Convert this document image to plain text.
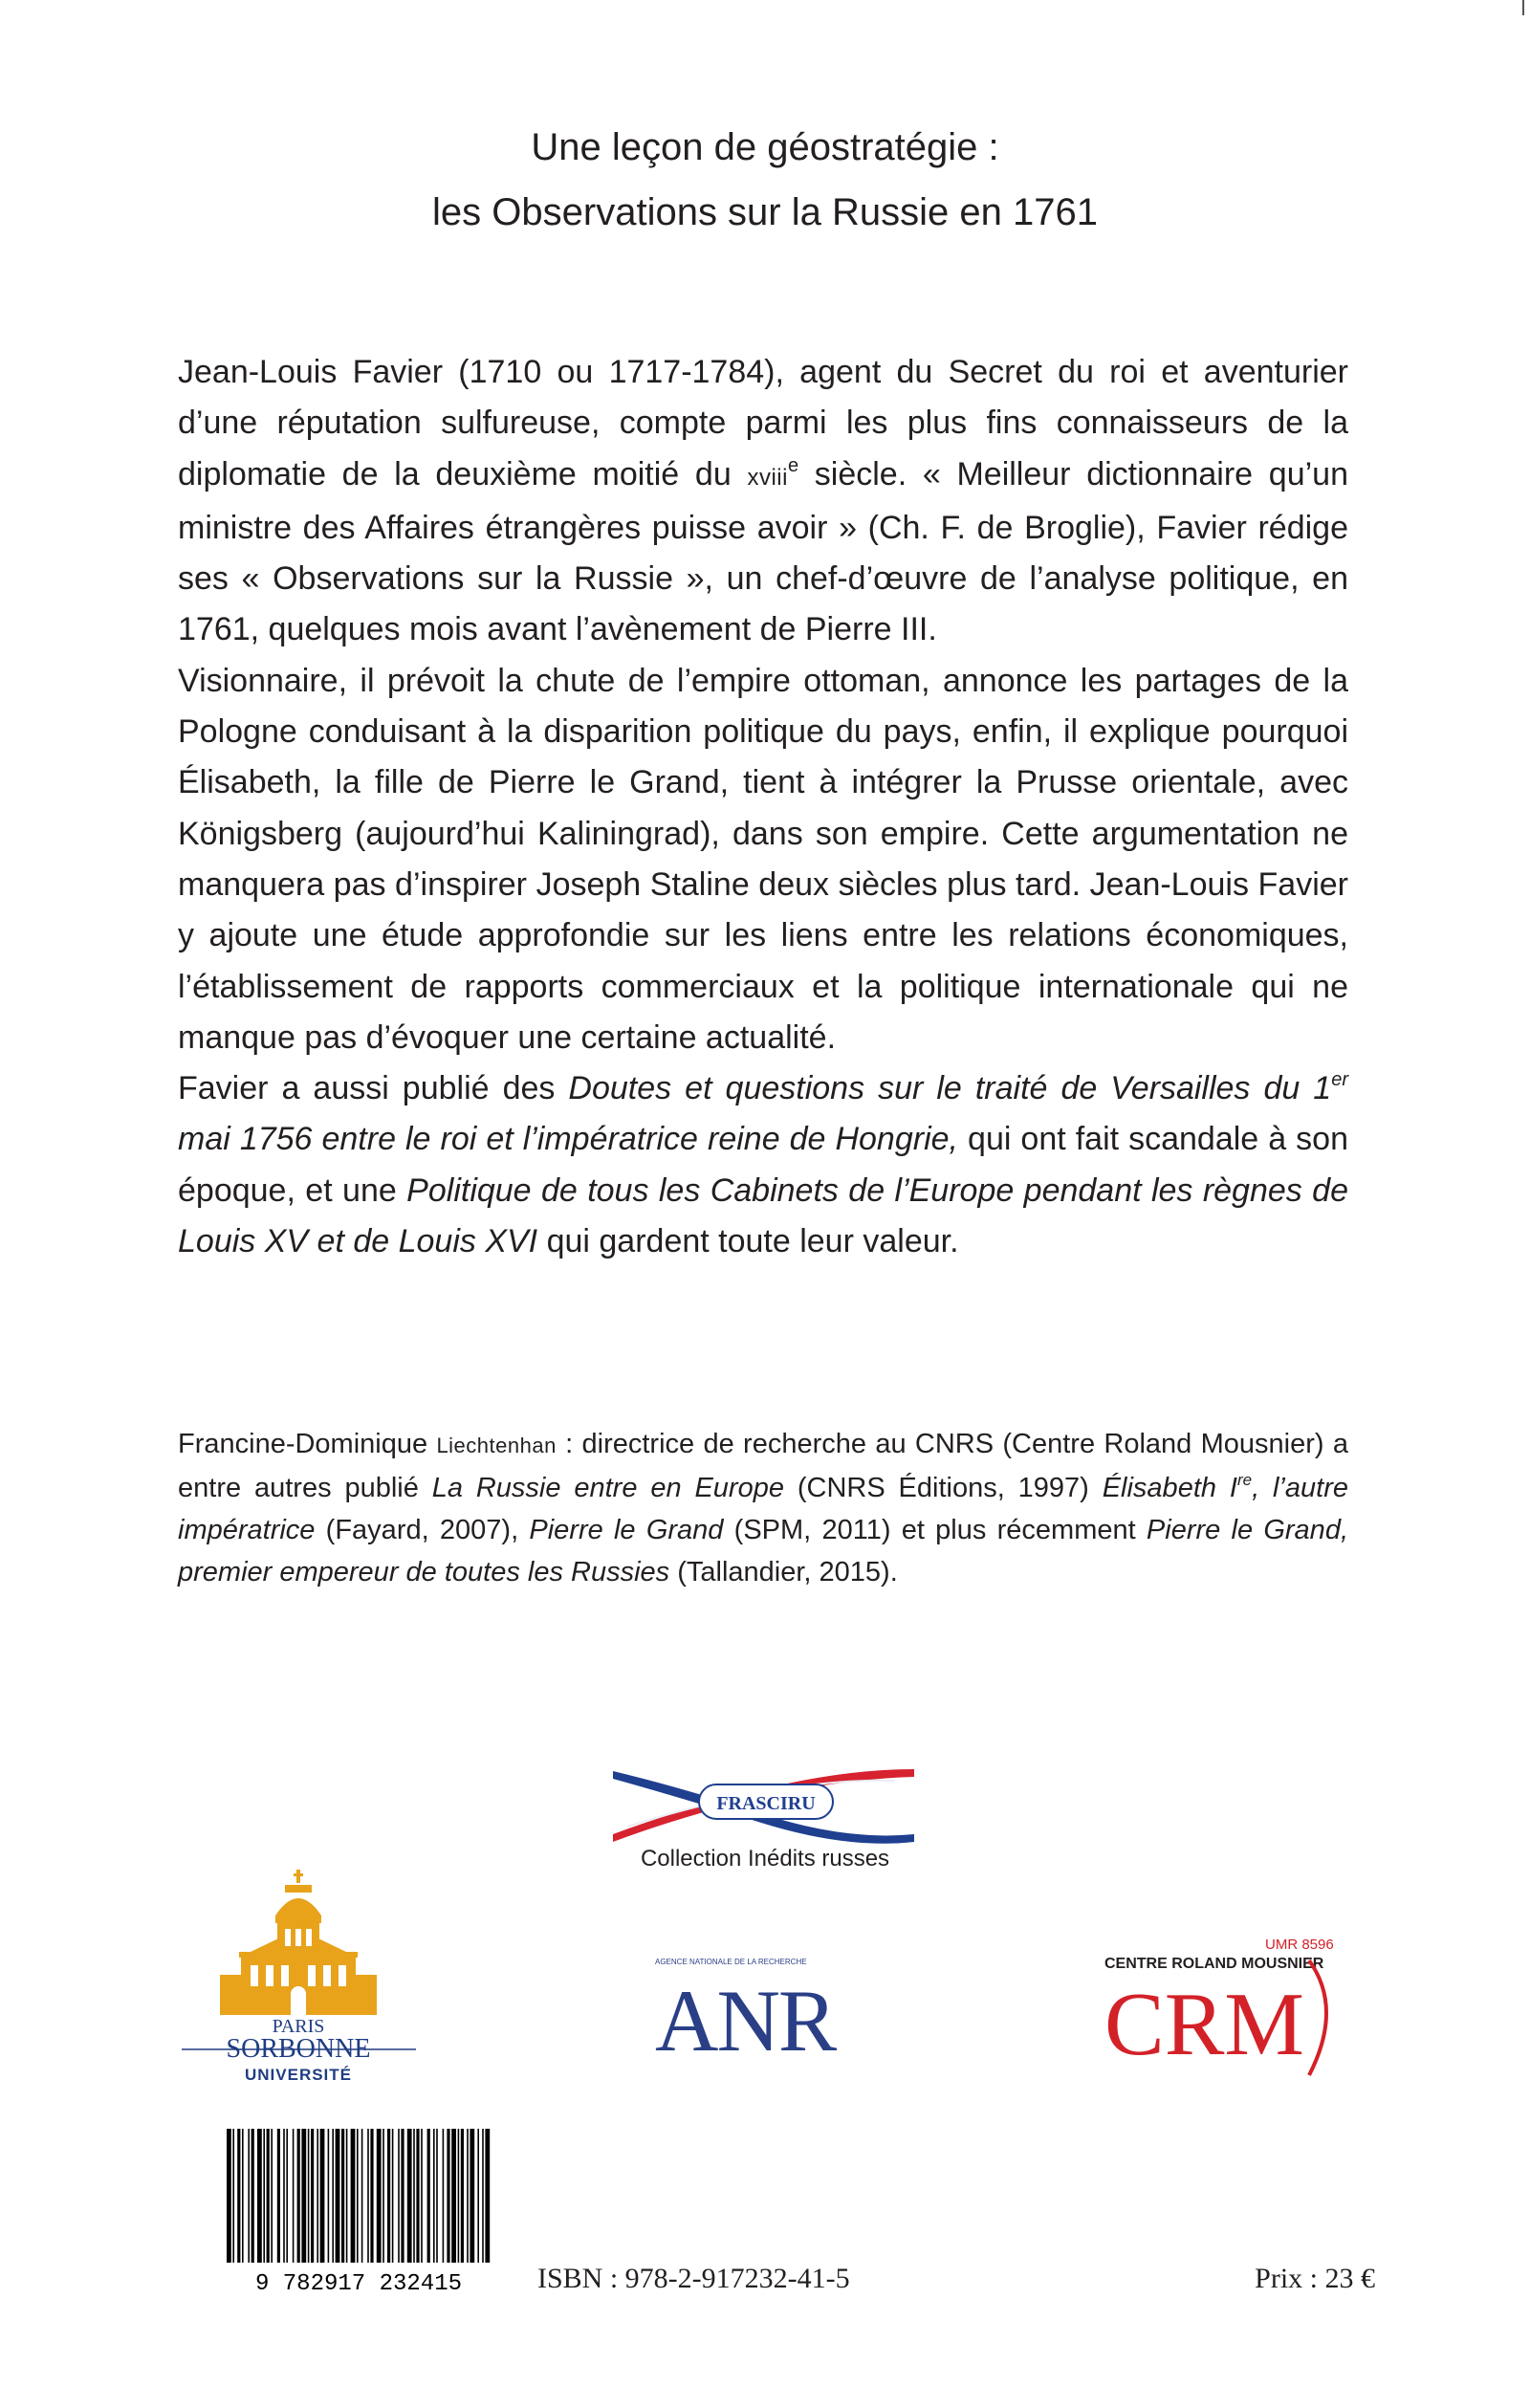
Une leçon de géostratégie :
les Observations sur la Russie en 1761

Jean-Louis Favier (1710 ou 1717-1784), agent du Secret du roi et aventurier d’une réputation sulfureuse, compte parmi les plus fins connaisseurs de la diplomatie de la deuxième moitié du xviii$^e$ siècle. « Meilleur dictionnaire qu’un ministre des Affaires étrangères puisse avoir » (Ch. F. de Broglie), Favier rédige ses « Observations sur la Russie », un chef-d’œuvre de l’analyse politique, en 1761, quelques mois avant l’avènement de Pierre III.

Visionnaire, il prévoit la chute de l’empire ottoman, annonce les partages de la Pologne conduisant à la disparition politique du pays, enfin, il explique pourquoi Élisabeth, la fille de Pierre le Grand, tient à intégrer la Prusse orientale, avec Königsberg (aujourd’hui Kaliningrad), dans son empire. Cette argumentation ne manquera pas d’inspirer Joseph Staline deux siècles plus tard. Jean-Louis Favier y ajoute une étude approfondie sur les liens entre les relations économiques, l’établissement de rapports commerciaux et la politique internationale qui ne manque pas d’évoquer une certaine actualité.

Favier a aussi publié des Doutes et questions sur le traité de Versailles du 1er mai 1756 entre le roi et l’impératrice reine de Hongrie, qui ont fait scandale à son époque, et une Politique de tous les Cabinets de l’Europe pendant les règnes de Louis XV et de Louis XVI qui gardent toute leur valeur.

Francine-Dominique Liechtenhan : directrice de recherche au CNRS (Centre Roland Mousnier) a entre autres publié La Russie entre en Europe (CNRS Éditions, 1997) Élisabeth Ire, l’autre impératrice (Fayard, 2007), Pierre le Grand (SPM, 2011) et plus récemment Pierre le Grand, premier empereur de toutes les Russies (Tallandier, 2015).

FRASCIRU
Collection Inédits russes
PARIS
SORBONNE
UNIVERSITÉ
AGENCE NATIONALE DE LA RECHERCHE
ANR
UMR 8596
CENTRE ROLAND MOUSNIER
CRM
9 782917 232415	ISBN : 978-2-917232-41-5	Prix : 23 €
